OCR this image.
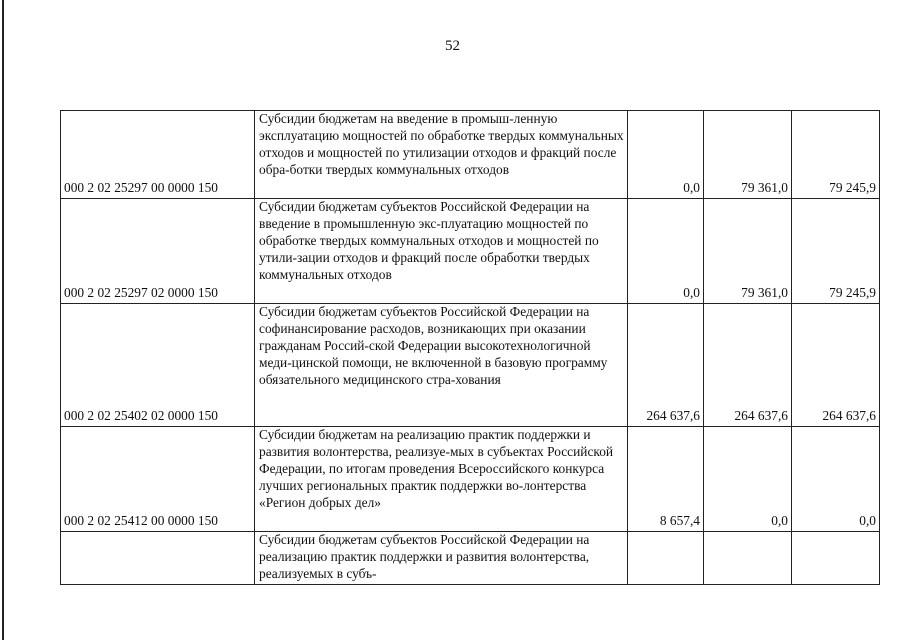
52
000 2 02 25297 00 0000 150	Субсидии бюджетам на введение в промыш-ленную эксплуатацию мощностей по обработке твердых коммунальных отходов и мощностей по утилизации отходов и фракций после обра-ботки твердых коммунальных отходов	0,0	79 361,0	79 245,9
000 2 02 25297 02 0000 150	Субсидии бюджетам субъектов Российской Федерации на введение в промышленную экс-плуатацию мощностей по обработке твердых коммунальных отходов и мощностей по утили-зации отходов и фракций после обработки твердых коммунальных отходов	0,0	79 361,0	79 245,9
000 2 02 25402 02 0000 150	Субсидии бюджетам субъектов Российской Федерации на софинансирование расходов, возникающих при оказании гражданам Россий-ской Федерации высокотехнологичной меди-цинской помощи, не включенной в базовую программу обязательного медицинского стра-хования	264 637,6	264 637,6	264 637,6
000 2 02 25412 00 0000 150	Субсидии бюджетам на реализацию практик поддержки и развития волонтерства, реализуе-мых в субъектах Российской Федерации, по итогам проведения Всероссийского конкурса лучших региональных практик поддержки во-лонтерства «Регион добрых дел»	8 657,4	0,0	0,0
	Субсидии бюджетам субъектов Российской Федерации на реализацию практик поддержки и развития волонтерства, реализуемых в субъ-			
